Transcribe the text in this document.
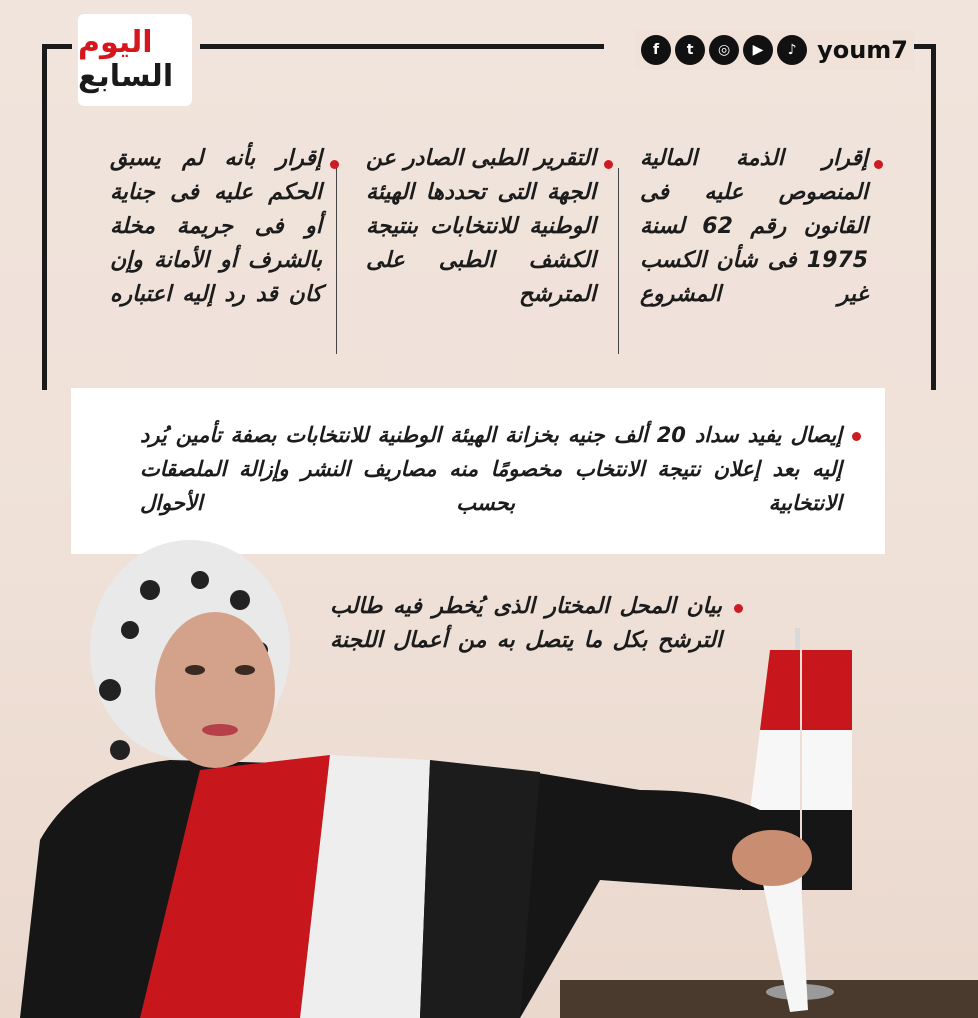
اليوم
السابع
f	t	◎	▶	♪ youm7
إقرار الذمة المالية المنصوص عليه فى القانون رقم 62 لسنة 1975 فى شأن الكسب غير المشروع
التقرير الطبى الصادر عن الجهة التى تحددها الهيئة الوطنية للانتخابات بنتيجة الكشف الطبى على المترشح
إقرار بأنه لم يسبق الحكم عليه فى جناية أو فى جريمة مخلة بالشرف أو الأمانة وإن كان قد رد إليه اعتباره
إيصال يفيد سداد 20 ألف جنيه بخزانة الهيئة الوطنية للانتخابات بصفة تأمين يُرد إليه بعد إعلان نتيجة الانتخاب مخصومًا منه مصاريف النشر وإزالة الملصقات الانتخابية بحسب الأحوال
بيان المحل المختار الذى يُخطر فيه طالب الترشح بكل ما يتصل به من أعمال اللجنة
